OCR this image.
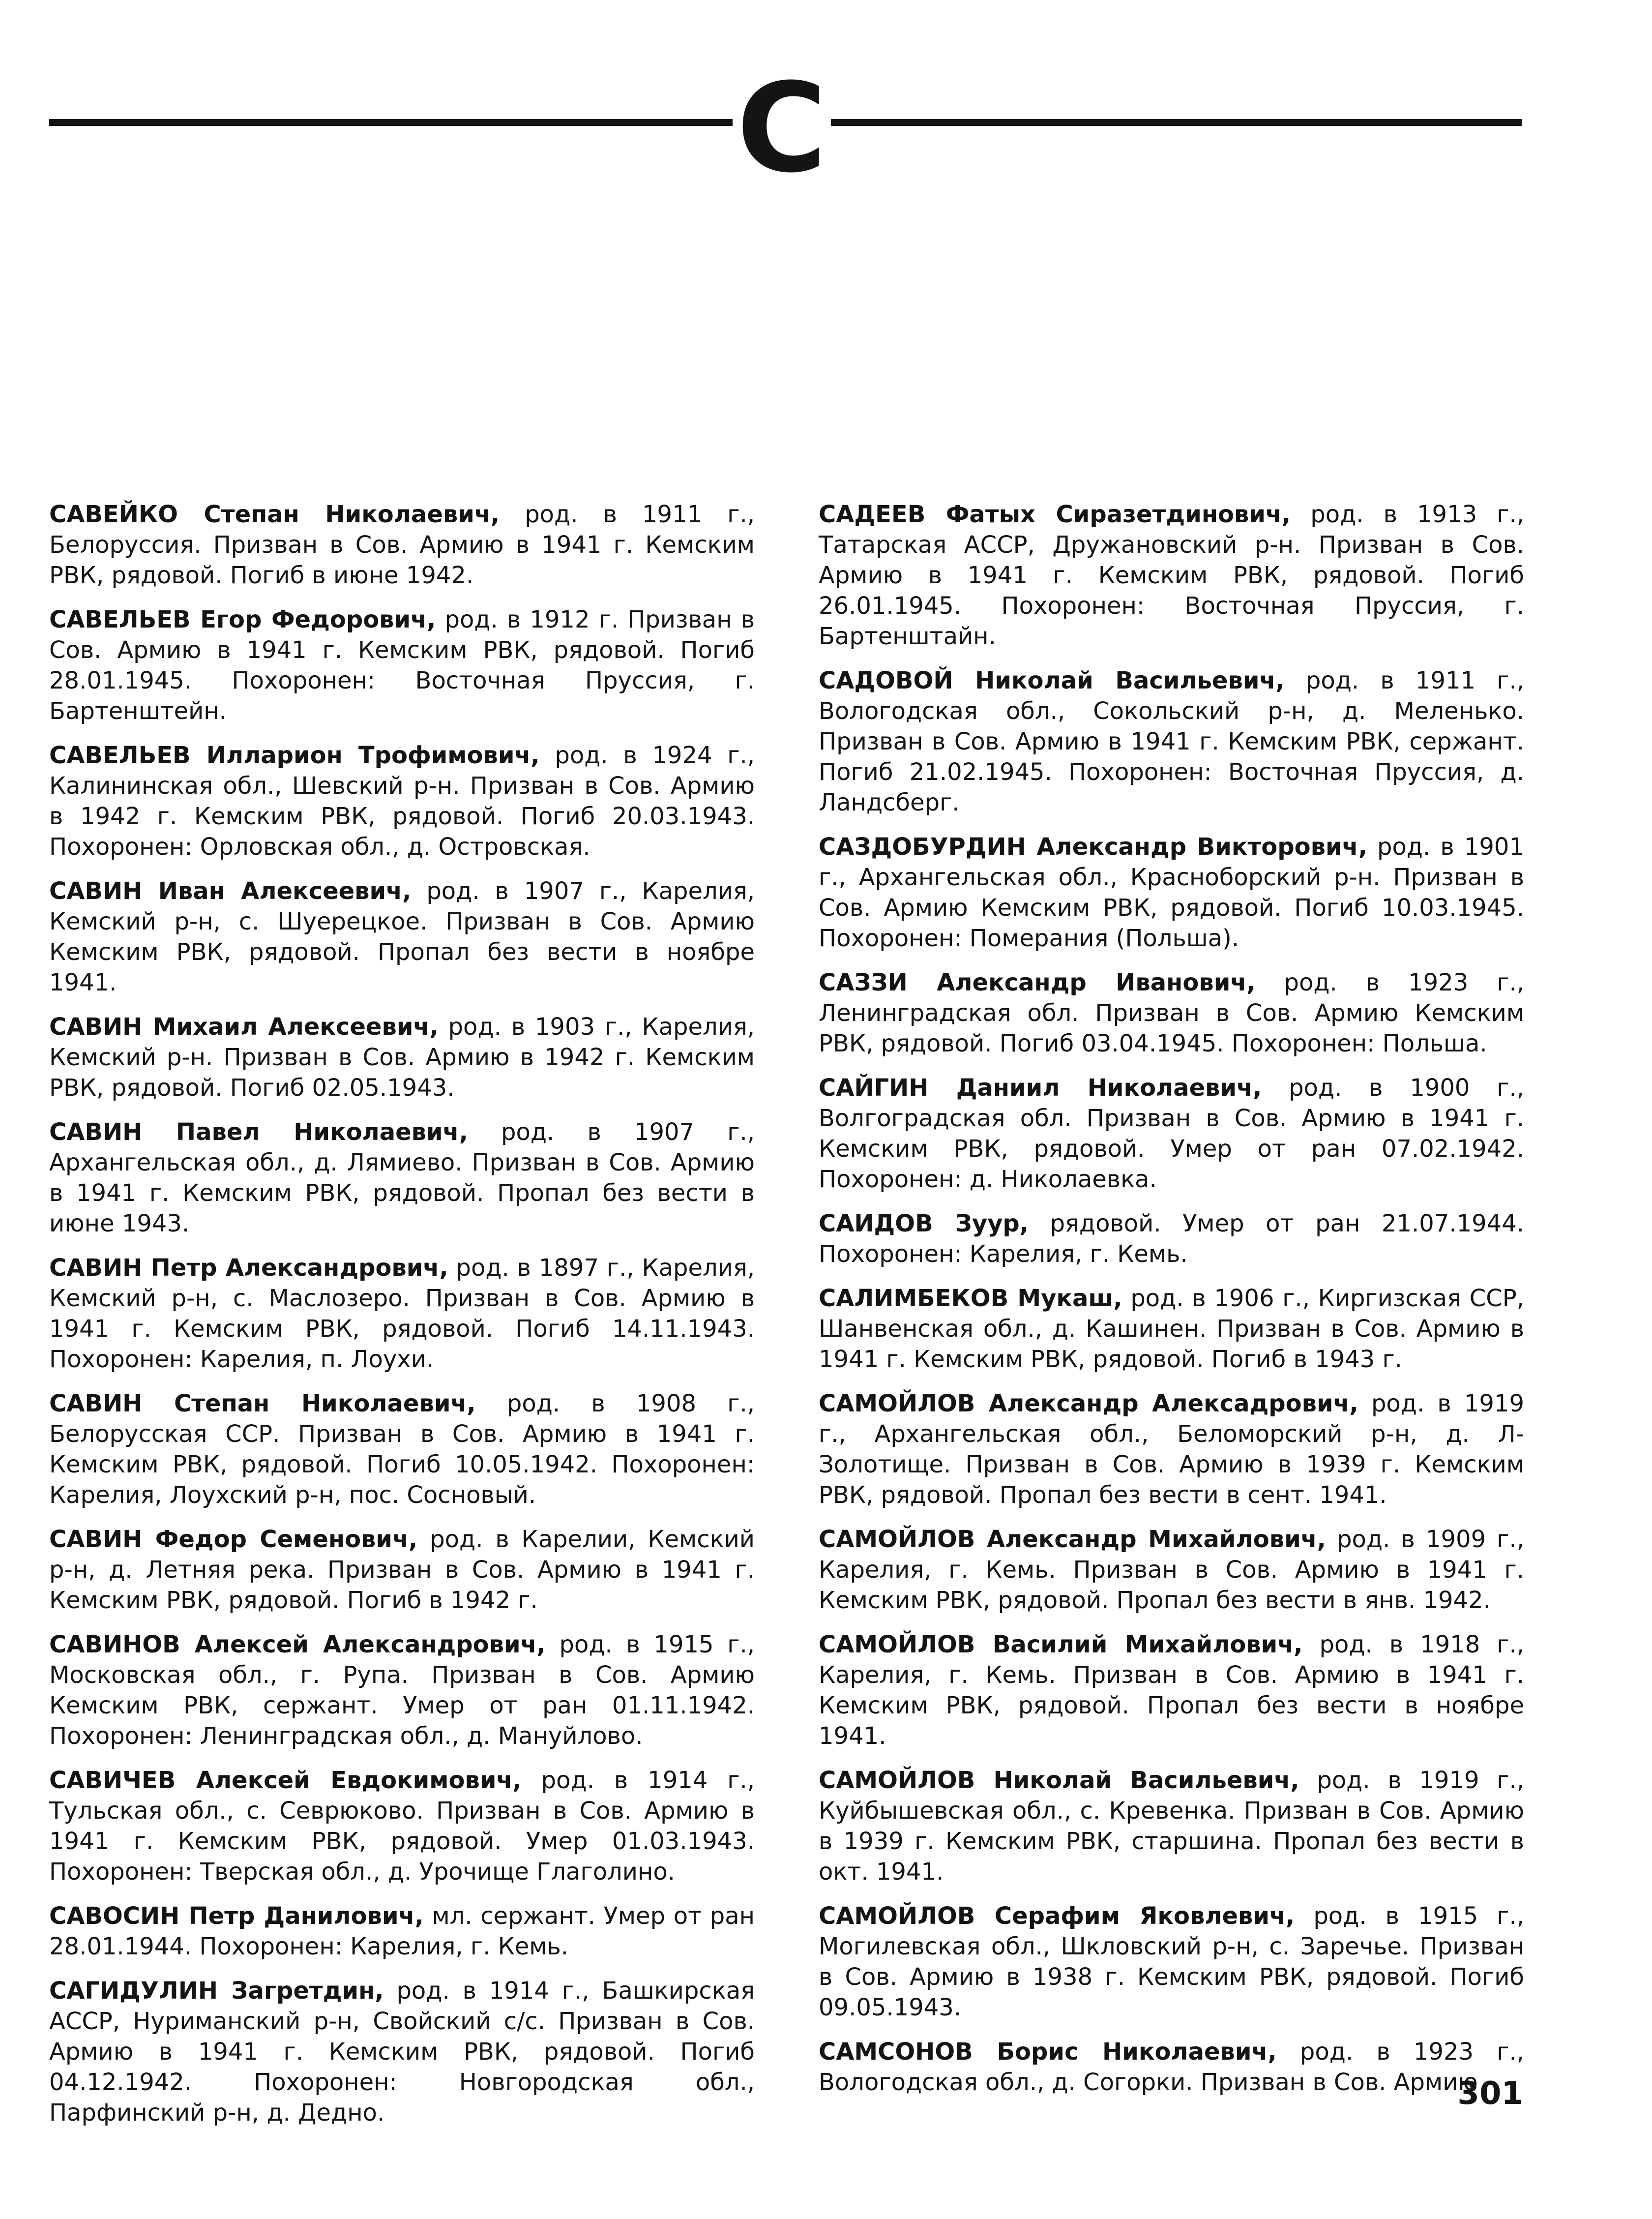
С

САВЕЙКО Степан Николаевич, род. в 1911 г., Белоруссия. Призван в Сов. Армию в 1941 г. Кемским РВК, рядовой. Погиб в июне 1942.

САВЕЛЬЕВ Егор Федорович, род. в 1912 г. Призван в Сов. Армию в 1941 г. Кемским РВК, рядовой. Погиб 28.01.1945. Похоронен: Восточная Пруссия, г. Бартенштейн.

САВЕЛЬЕВ Илларион Трофимович, род. в 1924 г., Калининская обл., Шевский р-н. Призван в Сов. Армию в 1942 г. Кемским РВК, рядовой. Погиб 20.03.1943. Похоронен: Орловская обл., д. Островская.

САВИН Иван Алексеевич, род. в 1907 г., Карелия, Кемский р-н, с. Шуерецкое. Призван в Сов. Армию Кемским РВК, рядовой. Пропал без вести в ноябре 1941.

САВИН Михаил Алексеевич, род. в 1903 г., Карелия, Кемский р-н. Призван в Сов. Армию в 1942 г. Кемским РВК, рядовой. Погиб 02.05.1943.

САВИН Павел Николаевич, род. в 1907 г., Архангельская обл., д. Лямиево. Призван в Сов. Армию в 1941 г. Кемским РВК, рядовой. Пропал без вести в июне 1943.

САВИН Петр Александрович, род. в 1897 г., Карелия, Кемский р-н, с. Маслозеро. Призван в Сов. Армию в 1941 г. Кемским РВК, рядовой. Погиб 14.11.1943. Похоронен: Карелия, п. Лоухи.

САВИН Степан Николаевич, род. в 1908 г., Белорусская ССР. Призван в Сов. Армию в 1941 г. Кемским РВК, рядовой. Погиб 10.05.1942. Похоронен: Карелия, Лоухский р-н, пос. Сосновый.

САВИН Федор Семенович, род. в Карелии, Кемский р-н, д. Летняя река. Призван в Сов. Армию в 1941 г. Кемским РВК, рядовой. Погиб в 1942 г.

САВИНОВ Алексей Александрович, род. в 1915 г., Московская обл., г. Рупа. Призван в Сов. Армию Кемским РВК, сержант. Умер от ран 01.11.1942. Похоронен: Ленинградская обл., д. Мануйлово.

САВИЧЕВ Алексей Евдокимович, род. в 1914 г., Тульская обл., с. Севрюково. Призван в Сов. Армию в 1941 г. Кемским РВК, рядовой. Умер 01.03.1943. Похоронен: Тверская обл., д. Урочище Глаголино.

САВОСИН Петр Данилович, мл. сержант. Умер от ран 28.01.1944. Похоронен: Карелия, г. Кемь.

САГИДУЛИН Загретдин, род. в 1914 г., Башкирская АССР, Нуриманский р-н, Свойский с/с. Призван в Сов. Армию в 1941 г. Кемским РВК, рядовой. Погиб 04.12.1942. Похоронен: Новгородская обл., Парфинский р-н, д. Дедно.

САДЕЕВ Фатых Сиразетдинович, род. в 1913 г., Татарская АССР, Дружановский р-н. Призван в Сов. Армию в 1941 г. Кемским РВК, рядовой. Погиб 26.01.1945. Похоронен: Восточная Пруссия, г. Бартенштайн.

САДОВОЙ Николай Васильевич, род. в 1911 г., Вологодская обл., Сокольский р-н, д. Меленько. Призван в Сов. Армию в 1941 г. Кемским РВК, сержант. Погиб 21.02.1945. Похоронен: Восточная Пруссия, д. Ландсберг.

САЗДОБУРДИН Александр Викторович, род. в 1901 г., Архангельская обл., Красноборский р-н. Призван в Сов. Армию Кемским РВК, рядовой. Погиб 10.03.1945. Похоронен: Померания (Польша).

САЗЗИ Александр Иванович, род. в 1923 г., Ленинградская обл. Призван в Сов. Армию Кемским РВК, рядовой. Погиб 03.04.1945. Похоронен: Польша.

САЙГИН Даниил Николаевич, род. в 1900 г., Волгоградская обл. Призван в Сов. Армию в 1941 г. Кемским РВК, рядовой. Умер от ран 07.02.1942. Похоронен: д. Николаевка.

САИДОВ Зуур, рядовой. Умер от ран 21.07.1944. Похоронен: Карелия, г. Кемь.

САЛИМБЕКОВ Мукаш, род. в 1906 г., Киргизская ССР, Шанвенская обл., д. Кашинен. Призван в Сов. Армию в 1941 г. Кемским РВК, рядовой. Погиб в 1943 г.

САМОЙЛОВ Александр Алексадрович, род. в 1919 г., Архангельская обл., Беломорский р-н, д. Л-Золотище. Призван в Сов. Армию в 1939 г. Кемским РВК, рядовой. Пропал без вести в сент. 1941.

САМОЙЛОВ Александр Михайлович, род. в 1909 г., Карелия, г. Кемь. Призван в Сов. Армию в 1941 г. Кемским РВК, рядовой. Пропал без вести в янв. 1942.

САМОЙЛОВ Василий Михайлович, род. в 1918 г., Карелия, г. Кемь. Призван в Сов. Армию в 1941 г. Кемским РВК, рядовой. Пропал без вести в ноябре 1941.

САМОЙЛОВ Николай Васильевич, род. в 1919 г., Куйбышевская обл., с. Кревенка. Призван в Сов. Армию в 1939 г. Кемским РВК, старшина. Пропал без вести в окт. 1941.

САМОЙЛОВ Серафим Яковлевич, род. в 1915 г., Могилевская обл., Шкловский р-н, с. Заречье. Призван в Сов. Армию в 1938 г. Кемским РВК, рядовой. Погиб 09.05.1943.

САМСОНОВ Борис Николаевич, род. в 1923 г., Вологодская обл., д. Согорки. Призван в Сов. Армию

301
